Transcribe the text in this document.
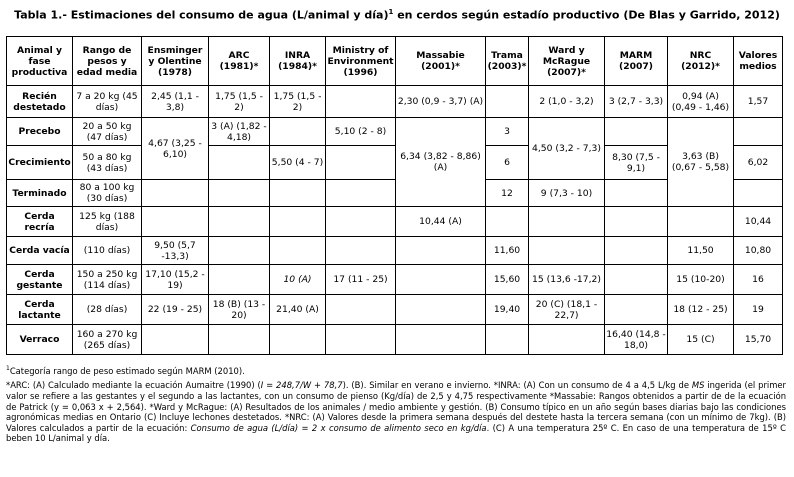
Tabla 1.- Estimaciones del consumo de agua (L/animal y día)$^1$ en cerdos según estadío productivo (De Blas y Garrido, 2012)
Animal y fase productiva	Rango de pesos y edad media	Ensminger y Olentine (1978)	ARC (1981)*	INRA (1984)*	Ministry of Environment (1996)	Massabie (2001)*	Trama (2003)*	Ward y McRague (2007)*	MARM (2007)	NRC (2012)*	Valores medios
Recién destetado	7 a 20 kg (45 días)	2,45 (1,1 - 3,8)	1,75 (1,5 - 2)	1,75 (1,5 - 2)		2,30 (0,9 - 3,7) (A)		2 (1,0 - 3,2)	3 (2,7 - 3,3)	0,94 (A) (0,49 - 1,46)	1,57
Precebo	20 a 50 kg (47 días)	4,67 (3,25 - 6,10)	3 (A) (1,82 - 4,18)		5,10 (2 - 8)	6,34 (3,82 - 8,86) (A)	3	4,50 (3,2 - 7,3)		3,63 (B) (0,67 - 5,58)	
Crecimiento	50 a 80 kg (43 días)			5,50 (4 - 7)			6		8,30 (7,5 - 9,1)		6,02
Terminado	80 a 100 kg (30 días)						12	9 (7,3 - 10)			
Cerda recría	125 kg (188 días)					10,44 (A)					10,44
Cerda vacía	(110 días)	9,50 (5,7 -13,3)					11,60			11,50	10,80
Cerda gestante	150 a 250 kg (114 días)	17,10 (15,2 - 19)		10 (A)	17 (11 - 25)		15,60	15 (13,6 -17,2)		15 (10-20)	16
Cerda lactante	(28 días)	22 (19 - 25)	18 (B) (13 - 20)	21,40 (A)			19,40	20 (C) (18,1 - 22,7)		18 (12 - 25)	19
Verraco	160 a 270 kg (265 días)								16,40 (14,8 - 18,0)	15 (C)	15,70

$^1$Categoría rango de peso estimado según MARM (2010).

*ARC: (A) Calculado mediante la ecuación Aumaitre (1990) (I = 248,7/W + 78,7). (B). Similar en verano e invierno. *INRA: (A) Con un consumo de 4 a 4,5 L/kg de MS ingerida (el primer valor se refiere a las gestantes y el segundo a las lactantes, con un consumo de pienso (Kg/día) de 2,5 y 4,75 respectivamente *Massabie: Rangos obtenidos a partir de de la ecuación de Patrick (y = 0,063 x + 2,564). *Ward y McRague: (A) Resultados de los animales / medio ambiente y gestión. (B) Consumo típico en un año según bases diarias bajo las condiciones agronómicas medias en Ontario (C) Incluye lechones destetados. *NRC: (A) Valores desde la primera semana después del destete hasta la tercera semana (con un mínimo de 7kg). (B) Valores calculados a partir de la ecuación: Consumo de agua (L/día) = 2 x consumo de alimento seco en kg/día. (C) A una temperatura 25º C. En caso de una temperatura de 15º C beben 10 L/animal y día.
